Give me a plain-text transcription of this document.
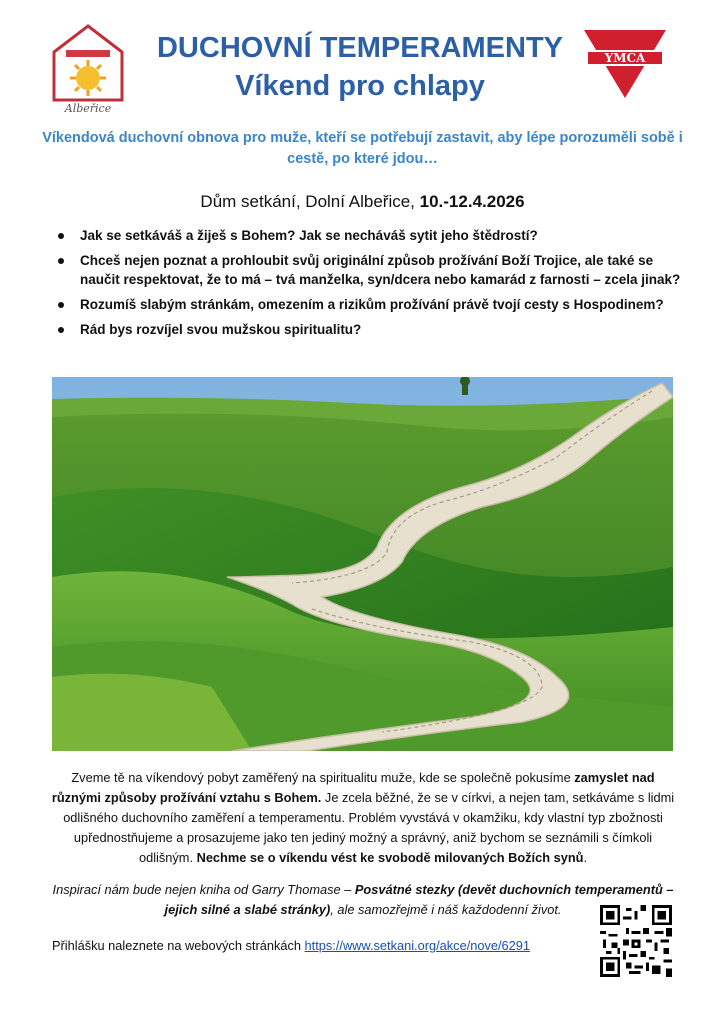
Albeřice
DUCHOVNÍ TEMPERAMENTY
Víkend pro chlapy
YMCA
Víkendová duchovní obnova pro muže, kteří se potřebují zastavit, aby lépe porozuměli sobě i cestě, po které jdou…
Dům setkání, Dolní Albeřice, 10.-12.4.2026
Jak se setkáváš a žiješ s Bohem? Jak se necháváš sytit jeho štědrostí?
Chceš nejen poznat a prohloubit svůj originální způsob prožívání Boží Trojice, ale také se naučit respektovat, že to má – tvá manželka, syn/dcera nebo kamarád z farnosti – zcela jinak?
Rozumíš slabým stránkám, omezením a rizikům prožívání právě tvojí cesty s Hospodinem?
Rád bys rozvíjel svou mužskou spiritualitu?
Zveme tě na víkendový pobyt zaměřený na spiritualitu muže, kde se společně pokusíme zamyslet nad různými způsoby prožívání vztahu s Bohem. Je zcela běžné, že se v církvi, a nejen tam, setkáváme s lidmi odlišného duchovního zaměření a temperamentu. Problém vyvstává v okamžiku, kdy vlastní typ zbožnosti upřednostňujeme a prosazujeme jako ten jediný možný a správný, aniž bychom se seznámili s čímkoli odlišným. Nechme se o víkendu vést ke svobodě milovaných Božích synů.
Inspirací nám bude nejen kniha od Garry Thomase – Posvátné stezky (devět duchovních temperamentů – jejich silné a slabé stránky), ale samozřejmě i náš každodenní život.
Přihlášku naleznete na webových stránkách https://www.setkani.org/akce/nove/6291
